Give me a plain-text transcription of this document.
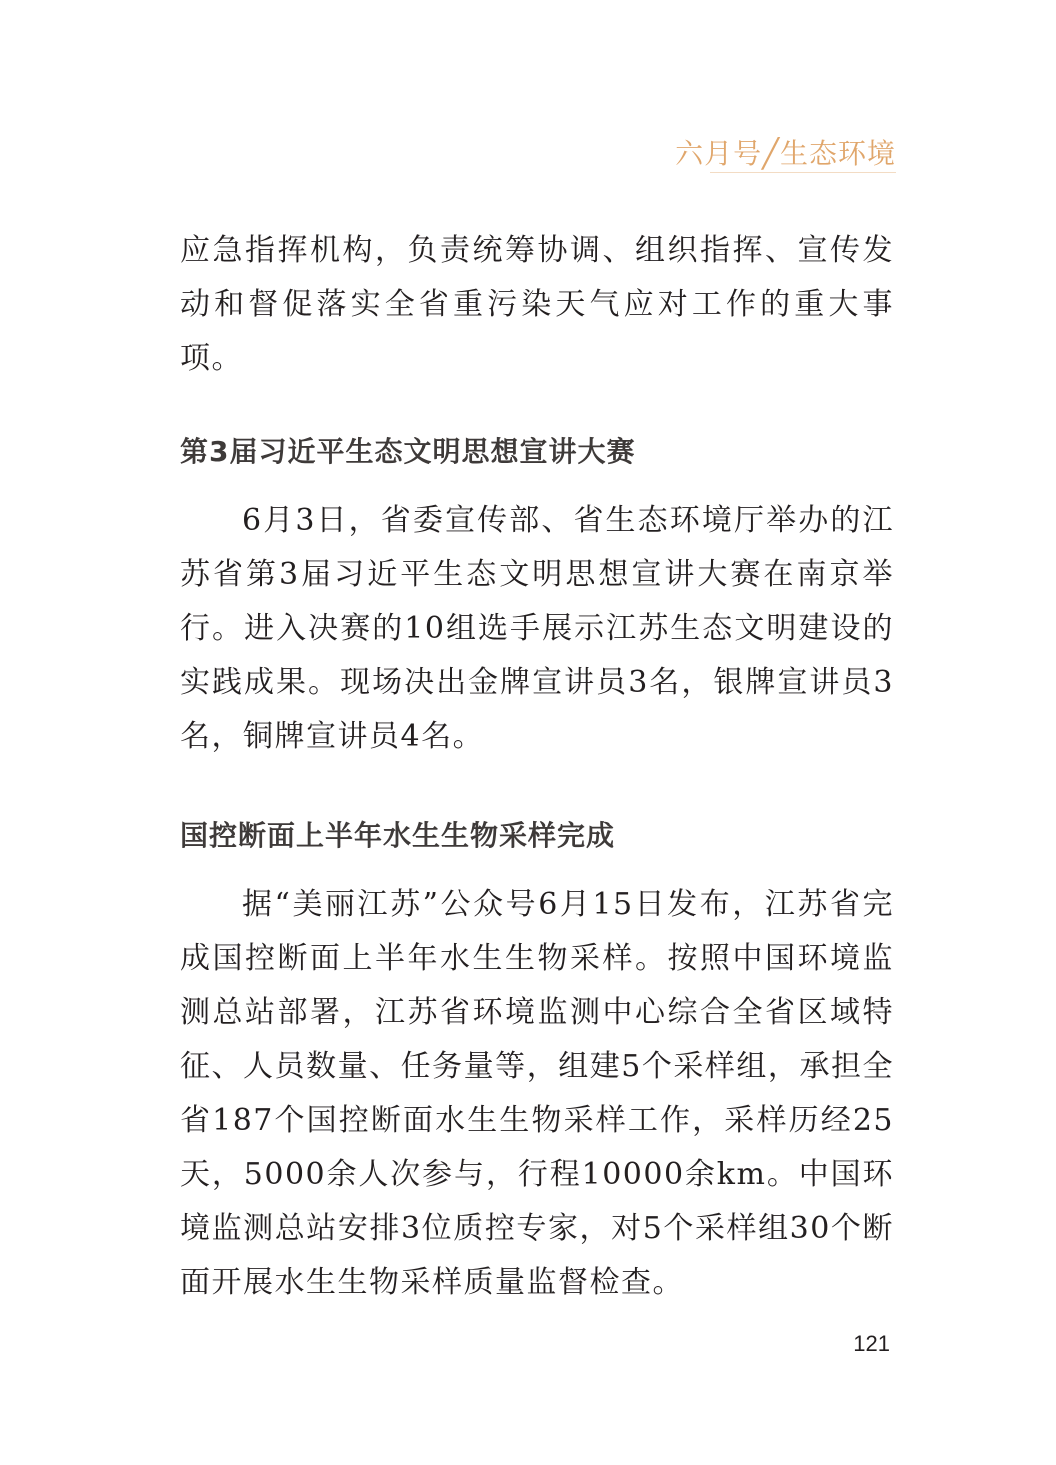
六月号╱生态环境

应急指挥机构，负责统筹协调、组织指挥、宣传发动和督促落实全省重污染天气应对工作的重大事项。

第3届习近平生态文明思想宣讲大赛

6月3日，省委宣传部、省生态环境厅举办的江苏省第3届习近平生态文明思想宣讲大赛在南京举行。进入决赛的10组选手展示江苏生态文明建设的实践成果。现场决出金牌宣讲员3名，银牌宣讲员3名，铜牌宣讲员4名。

国控断面上半年水生生物采样完成

据“美丽江苏”公众号6月15日发布，江苏省完成国控断面上半年水生生物采样。按照中国环境监测总站部署，江苏省环境监测中心综合全省区域特征、人员数量、任务量等，组建5个采样组，承担全省187个国控断面水生生物采样工作，采样历经25天，5000余人次参与，行程10000余km。中国环境监测总站安排3位质控专家，对5个采样组30个断面开展水生生物采样质量监督检查。

121
